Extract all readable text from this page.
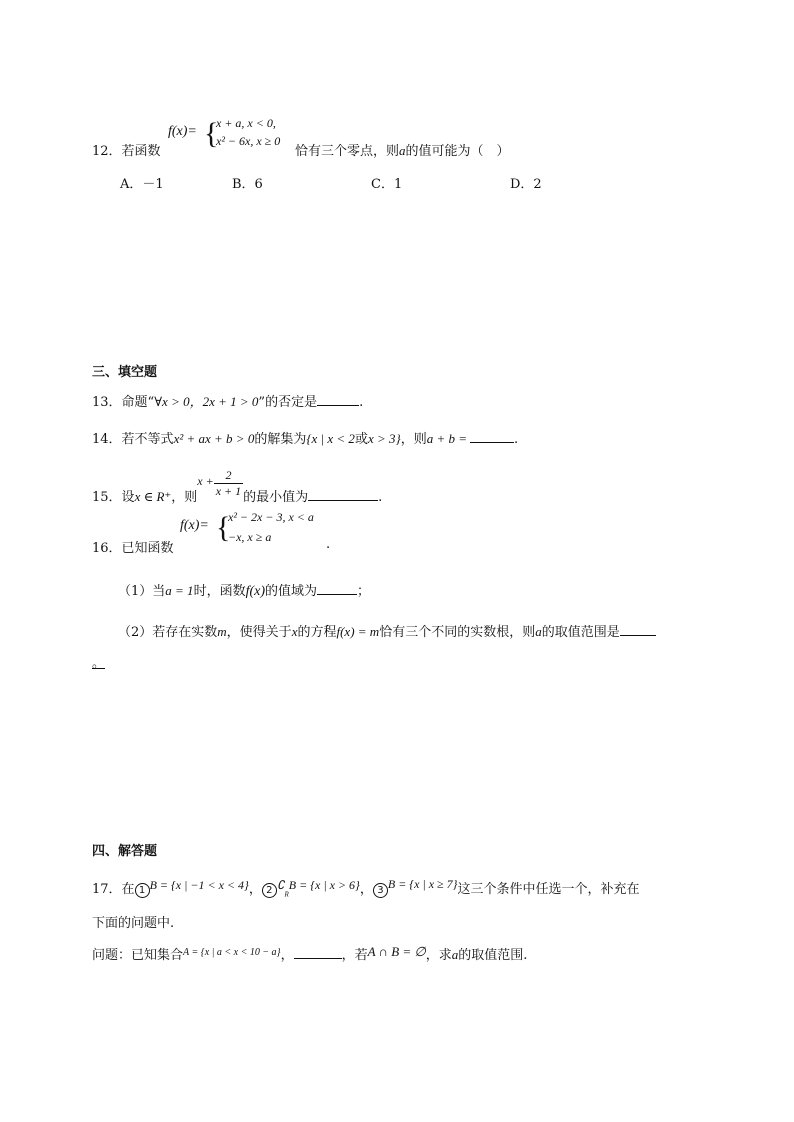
f(x)= {
x + a, x < 0,
x² − 6x, x ≥ 0
12．若函数	恰有三个零点，则a的值可能为（　）
A．－1	B．6	C．1	D．2
三、填空题
13．命题“∀x > 0，2x + 1 > 0”的否定是	.
14．若不等式x² + ax + b > 0的解集为{x | x < 2或x > 3}，则a + b =	.
15．设x ∈ R⁺，则$x + \frac{2}{x + 1}$ 的最小值为	.
f(x)= {
x² − 2x − 3, x < a
−x, x ≥ a
16．已知函数	.
（1）当a = 1时，函数f(x)的值域为	；
（2）若存在实数m，使得关于x的方程f(x) = m恰有三个不同的实数根，则a的取值范围是
。
四、解答题
17．在 1 B = {x | −1 < x < 4}， 2 $∁_RB = \{x$ | x > 6}， 3 B = {x | x ≥ 7}这三个条件中任选一个，补充在
下面的问题中.
问题：已知集合$^{A = \{x | a < x < 10 - a\}}$，	，若A ∩ B = ∅，求a的取值范围.
